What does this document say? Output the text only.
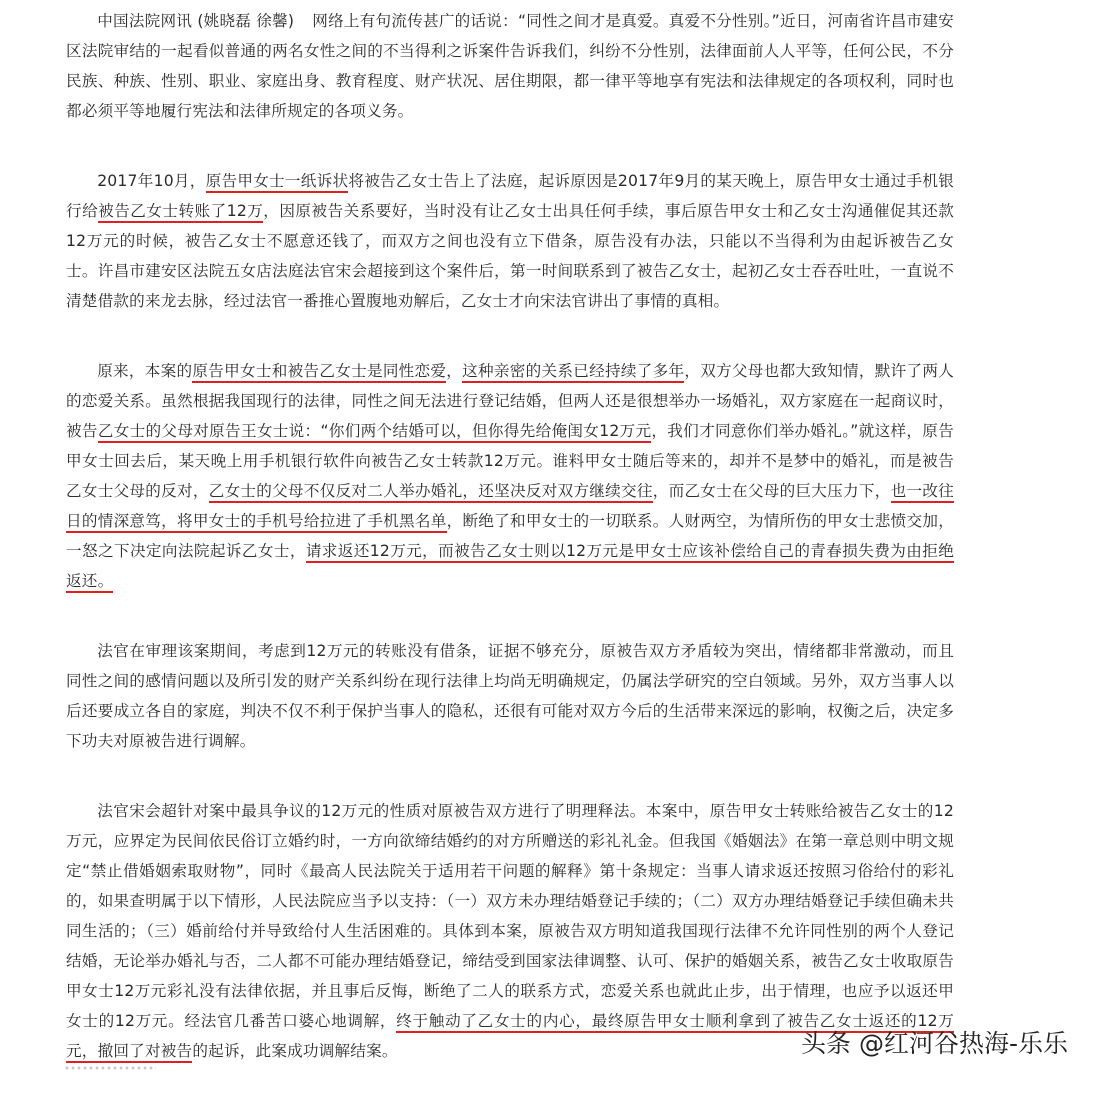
中国法院网讯 (姚晓磊 徐馨) 网络上有句流传甚广的话说：“同性之间才是真爱。真爱不分性别。”近日，河南省许昌市建安区法院审结的一起看似普通的两名女性之间的不当得利之诉案件告诉我们，纠纷不分性别，法律面前人人平等，任何公民，不分民族、种族、性别、职业、家庭出身、教育程度、财产状况、居住期限，都一律平等地享有宪法和法律规定的各项权利，同时也都必须平等地履行宪法和法律所规定的各项义务。

2017年10月，原告甲女士一纸诉状将被告乙女士告上了法庭，起诉原因是2017年9月的某天晚上，原告甲女士通过手机银行给被告乙女士转账了12万，因原被告关系要好，当时没有让乙女士出具任何手续，事后原告甲女士和乙女士沟通催促其还款12万元的时候，被告乙女士不愿意还钱了，而双方之间也没有立下借条，原告没有办法，只能以不当得利为由起诉被告乙女士。许昌市建安区法院五女店法庭法官宋会超接到这个案件后，第一时间联系到了被告乙女士，起初乙女士吞吞吐吐，一直说不清楚借款的来龙去脉，经过法官一番推心置腹地劝解后，乙女士才向宋法官讲出了事情的真相。

原来，本案的原告甲女士和被告乙女士是同性恋爱，这种亲密的关系已经持续了多年，双方父母也都大致知情，默许了两人的恋爱关系。虽然根据我国现行的法律，同性之间无法进行登记结婚，但两人还是很想举办一场婚礼，双方家庭在一起商议时，被告乙女士的父母对原告王女士说：“你们两个结婚可以，但你得先给俺闺女12万元，我们才同意你们举办婚礼。”就这样，原告甲女士回去后，某天晚上用手机银行软件向被告乙女士转款12万元。谁料甲女士随后等来的，却并不是梦中的婚礼，而是被告乙女士父母的反对，乙女士的父母不仅反对二人举办婚礼，还坚决反对双方继续交往，而乙女士在父母的巨大压力下，也一改往日的情深意笃，将甲女士的手机号给拉进了手机黑名单，断绝了和甲女士的一切联系。人财两空，为情所伤的甲女士悲愤交加，一怒之下决定向法院起诉乙女士，请求返还12万元，而被告乙女士则以12万元是甲女士应该补偿给自己的青春损失费为由拒绝返还。

法官在审理该案期间，考虑到12万元的转账没有借条，证据不够充分，原被告双方矛盾较为突出，情绪都非常激动，而且同性之间的感情问题以及所引发的财产关系纠纷在现行法律上均尚无明确规定，仍属法学研究的空白领域。另外，双方当事人以后还要成立各自的家庭，判决不仅不利于保护当事人的隐私，还很有可能对双方今后的生活带来深远的影响，权衡之后，决定多下功夫对原被告进行调解。

法官宋会超针对案中最具争议的12万元的性质对原被告双方进行了明理释法。本案中，原告甲女士转账给被告乙女士的12万元，应界定为民间依民俗订立婚约时，一方向欲缔结婚约的对方所赠送的彩礼礼金。但我国《婚姻法》在第一章总则中明文规定“禁止借婚姻索取财物”，同时《最高人民法院关于适用若干问题的解释》第十条规定：当事人请求返还按照习俗给付的彩礼的，如果查明属于以下情形，人民法院应当予以支持：（一）双方未办理结婚登记手续的；（二）双方办理结婚登记手续但确未共同生活的；（三）婚前给付并导致给付人生活困难的。具体到本案，原被告双方明知道我国现行法律不允许同性别的两个人登记结婚，无论举办婚礼与否，二人都不可能办理结婚登记，缔结受到国家法律调整、认可、保护的婚姻关系，被告乙女士收取原告甲女士12万元彩礼没有法律依据，并且事后反悔，断绝了二人的联系方式，恋爱关系也就此止步，出于情理，也应予以返还甲女士的12万元。经法官几番苦口婆心地调解，终于触动了乙女士的内心，最终原告甲女士顺利拿到了被告乙女士返还的12万元，撤回了对被告的起诉，此案成功调解结案。	头条 @红河谷热海-乐乐
